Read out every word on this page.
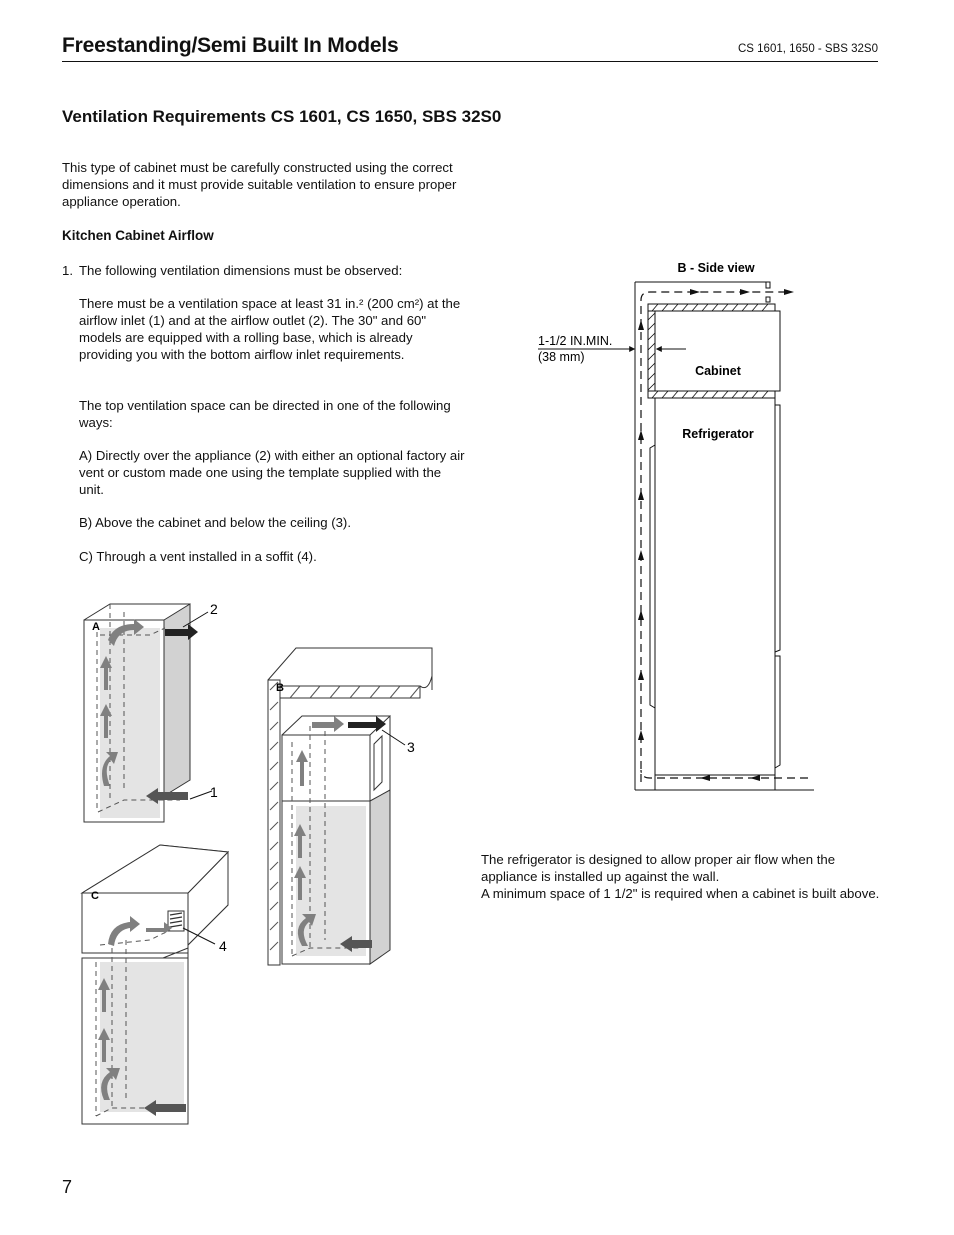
Freestanding/Semi Built In Models	CS 1601, 1650 - SBS 32S0
Ventilation Requirements CS 1601, CS 1650, SBS 32S0

This type of cabinet must be carefully constructed using the correct dimensions and it must provide suitable ventilation to ensure proper appliance operation.

Kitchen Cabinet Airflow
1. The following ventilation dimensions must be observed:

There must be a ventilation space at least 31 in.² (200 cm²) at the airflow inlet (1) and at the airflow outlet (2). The 30" and 60" models are equipped with a rolling base, which is already providing you with the bottom airflow inlet requirements.

The top ventilation space can be directed in one of the following ways:

A) Directly over the appliance (2) with either an optional factory air vent or custom made one using the template supplied with the unit.

B) Above the cabinet and below the ceiling (3).

C) Through a vent installed in a soffit (4).

A
2
1
B
3
C
4
B - Side view
1-1/2 IN.MIN.
(38 mm)
Cabinet
Refrigerator
The refrigerator is designed to allow proper air flow when the appliance is installed up against the wall.
A minimum space of 1 1/2" is required when a cabinet is built above.
7
